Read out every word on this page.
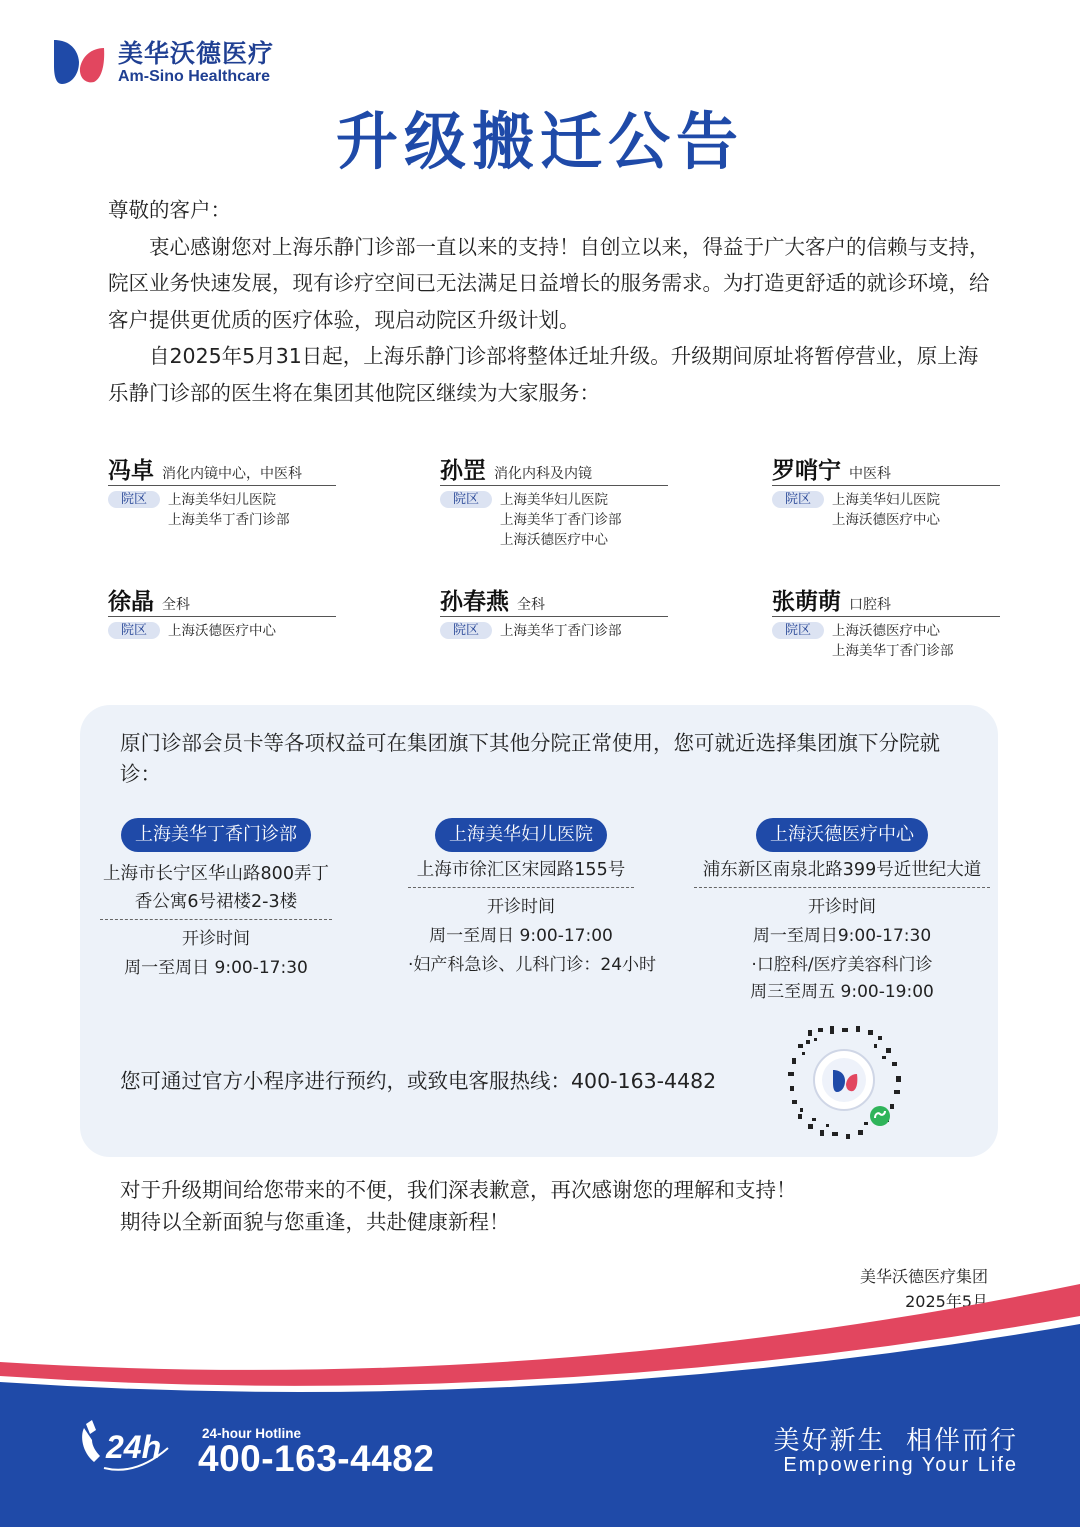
美华沃德医疗
Am-Sino Healthcare
升级搬迁公告

尊敬的客户：

衷心感谢您对上海乐静门诊部一直以来的支持！自创立以来，得益于广大客户的信赖与支持，院区业务快速发展，现有诊疗空间已无法满足日益增长的服务需求。为打造更舒适的就诊环境，给客户提供更优质的医疗体验，现启动院区升级计划。

自2025年5月31日起，上海乐静门诊部将整体迁址升级。升级期间原址将暂停营业，原上海乐静门诊部的医生将在集团其他院区继续为大家服务：

冯卓 消化内镜中心，中医科
院区	上海美华妇儿医院
上海美华丁香门诊部
孙罡 消化内科及内镜
院区	上海美华妇儿医院
上海美华丁香门诊部
上海沃德医疗中心
罗哨宁 中医科
院区	上海美华妇儿医院
上海沃德医疗中心
徐晶 全科
院区	上海沃德医疗中心
孙春燕 全科
院区	上海美华丁香门诊部
张萌萌 口腔科
院区	上海沃德医疗中心
上海美华丁香门诊部
原门诊部会员卡等各项权益可在集团旗下其他分院正常使用，您可就近选择集团旗下分院就诊：
上海美华丁香门诊部
上海市长宁区华山路800弄丁
香公寓6号裙楼2-3楼
开诊时间
周一至周日 9:00-17:30
上海美华妇儿医院
上海市徐汇区宋园路155号
开诊时间
周一至周日 9:00-17:00
·妇产科急诊、儿科门诊：24小时
上海沃德医疗中心
浦东新区南泉北路399号近世纪大道
开诊时间
周一至周日9:00-17:30
·口腔科/医疗美容科门诊
周三至周五 9:00-19:00
您可通过官方小程序进行预约，或致电客服热线：400-163-4482
对于升级期间给您带来的不便，我们深表歉意，再次感谢您的理解和支持！
期待以全新面貌与您重逢，共赴健康新程！
美华沃德医疗集团
2025年5月
24h	24-hour Hotline
400-163-4482	美好新生  相伴而行
Empowering Your Life
